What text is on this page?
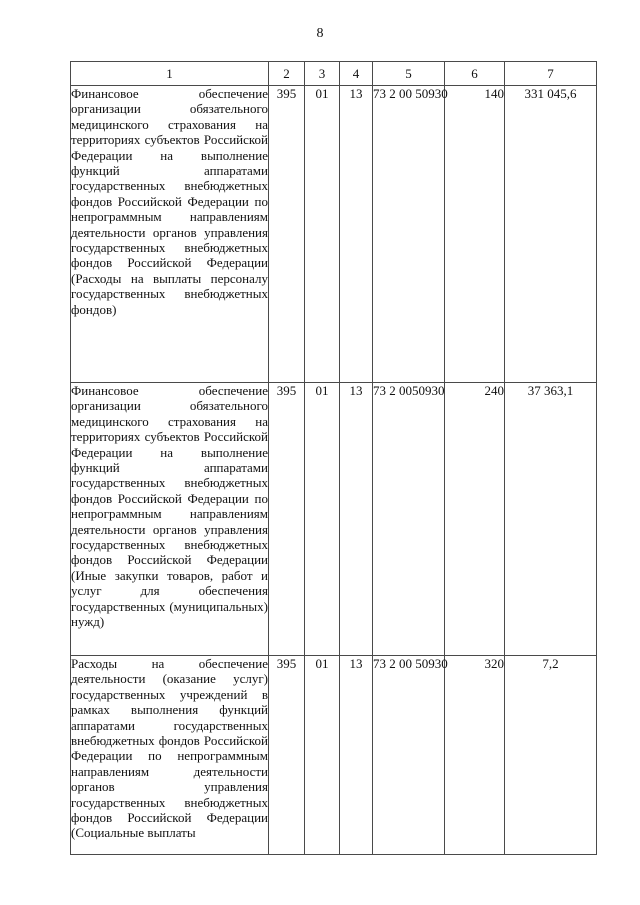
8
1	2	3	4	5	6	7
Финансовое обеспечение организации обязательного медицинского страхования на территориях субъектов Российской Федерации на выполнение функций аппаратами государственных внебюджетных фондов Российской Федерации по непрограммным направлениям деятельности органов управления государственных внебюджетных фондов Российской Федерации (Расходы на выплаты персоналу государственных внебюджетных фондов)	395	01	13	73 2 00 50930	140	331 045,6
Финансовое обеспечение организации обязательного медицинского страхования на территориях субъектов Российской Федерации на выполнение функций аппаратами государственных внебюджетных фондов Российской Федерации по непрограммным направлениям деятельности органов управления государственных внебюджетных фондов Российской Федерации (Иные закупки товаров, работ и услуг для обеспечения государственных (муниципальных) нужд)	395	01	13	73 2 0050930	240	37 363,1
Расходы на обеспечение деятельности (оказание услуг) государственных учреждений в рамках выполнения функций аппаратами государственных внебюджетных фондов Российской Федерации по непрограммным направлениям деятельности органов управления государственных внебюджетных фондов Российской Федерации (Социальные выплаты	395	01	13	73 2 00 50930	320	7,2
